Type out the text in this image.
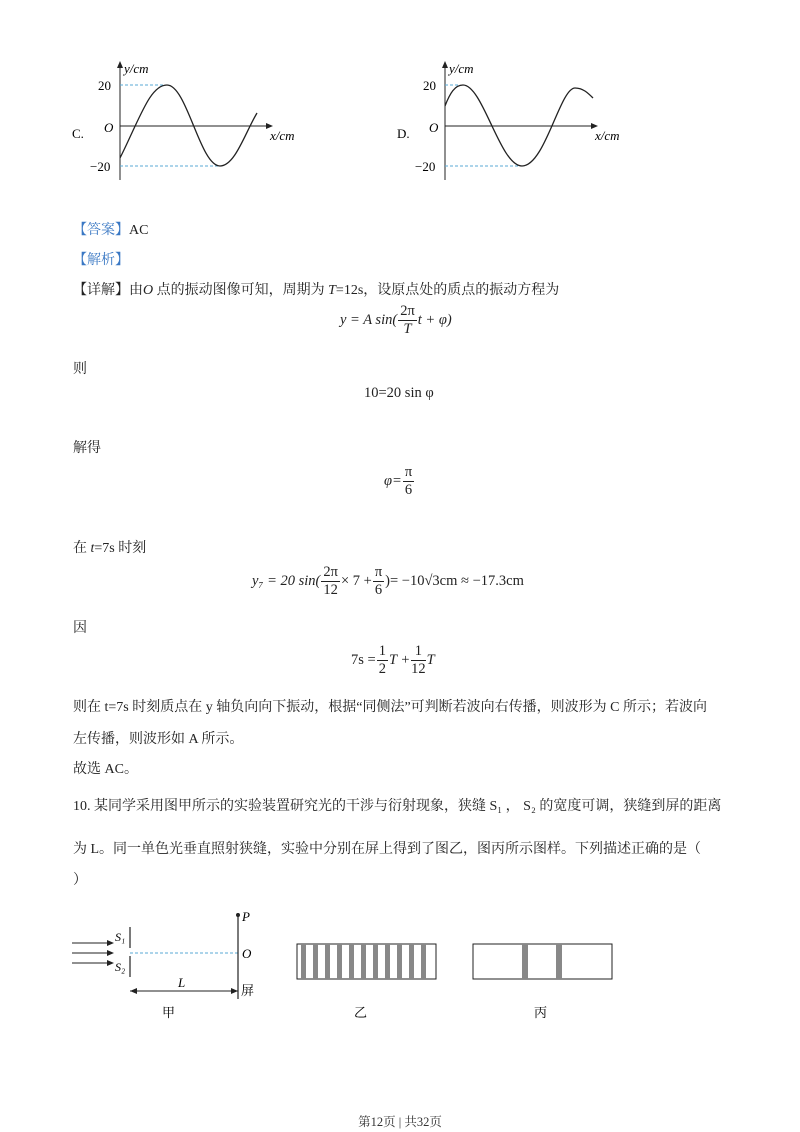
C.
y/cm
x/cm
O
20
−20
D.
y/cm
x/cm
O
20
−20
【答案】AC
【解析】
【详解】由O 点的振动图像可知，周期为 T=12s，设原点处的质点的振动方程为
y = A $\sin( \frac{2\pi}{T}$ t + φ)
则
10=20 sin φ
解得
$\varphi= \frac{\pi}{6}$
在 t=7s 时刻
y₇ = 20 $\sin( \frac{2\pi}{12} \times 7 + \frac{\pi}{6}$ )= −10√3cm ≈ −17.3cm
因
$7s = \frac{1}{2}$ $T + \frac{1}{12}$ T
则在 t=7s 时刻质点在 y 轴负向向下振动，根据“同侧法”可判断若波向右传播，则波形为 C 所示；若波向
左传播，则波形如 A 所示。
故选 AC。
10. 某同学采用图甲所示的实验装置研究光的干涉与衍射现象，狭缝 S₁ ， S₂ 的宽度可调，狭缝到屏的距离
为 L。同一单色光垂直照射狭缝，实验中分别在屏上得到了图乙，图丙所示图样。下列描述正确的是（
）
S₁
S₂
P
O
L
屏
甲	乙	丙
第12页 | 共32页
